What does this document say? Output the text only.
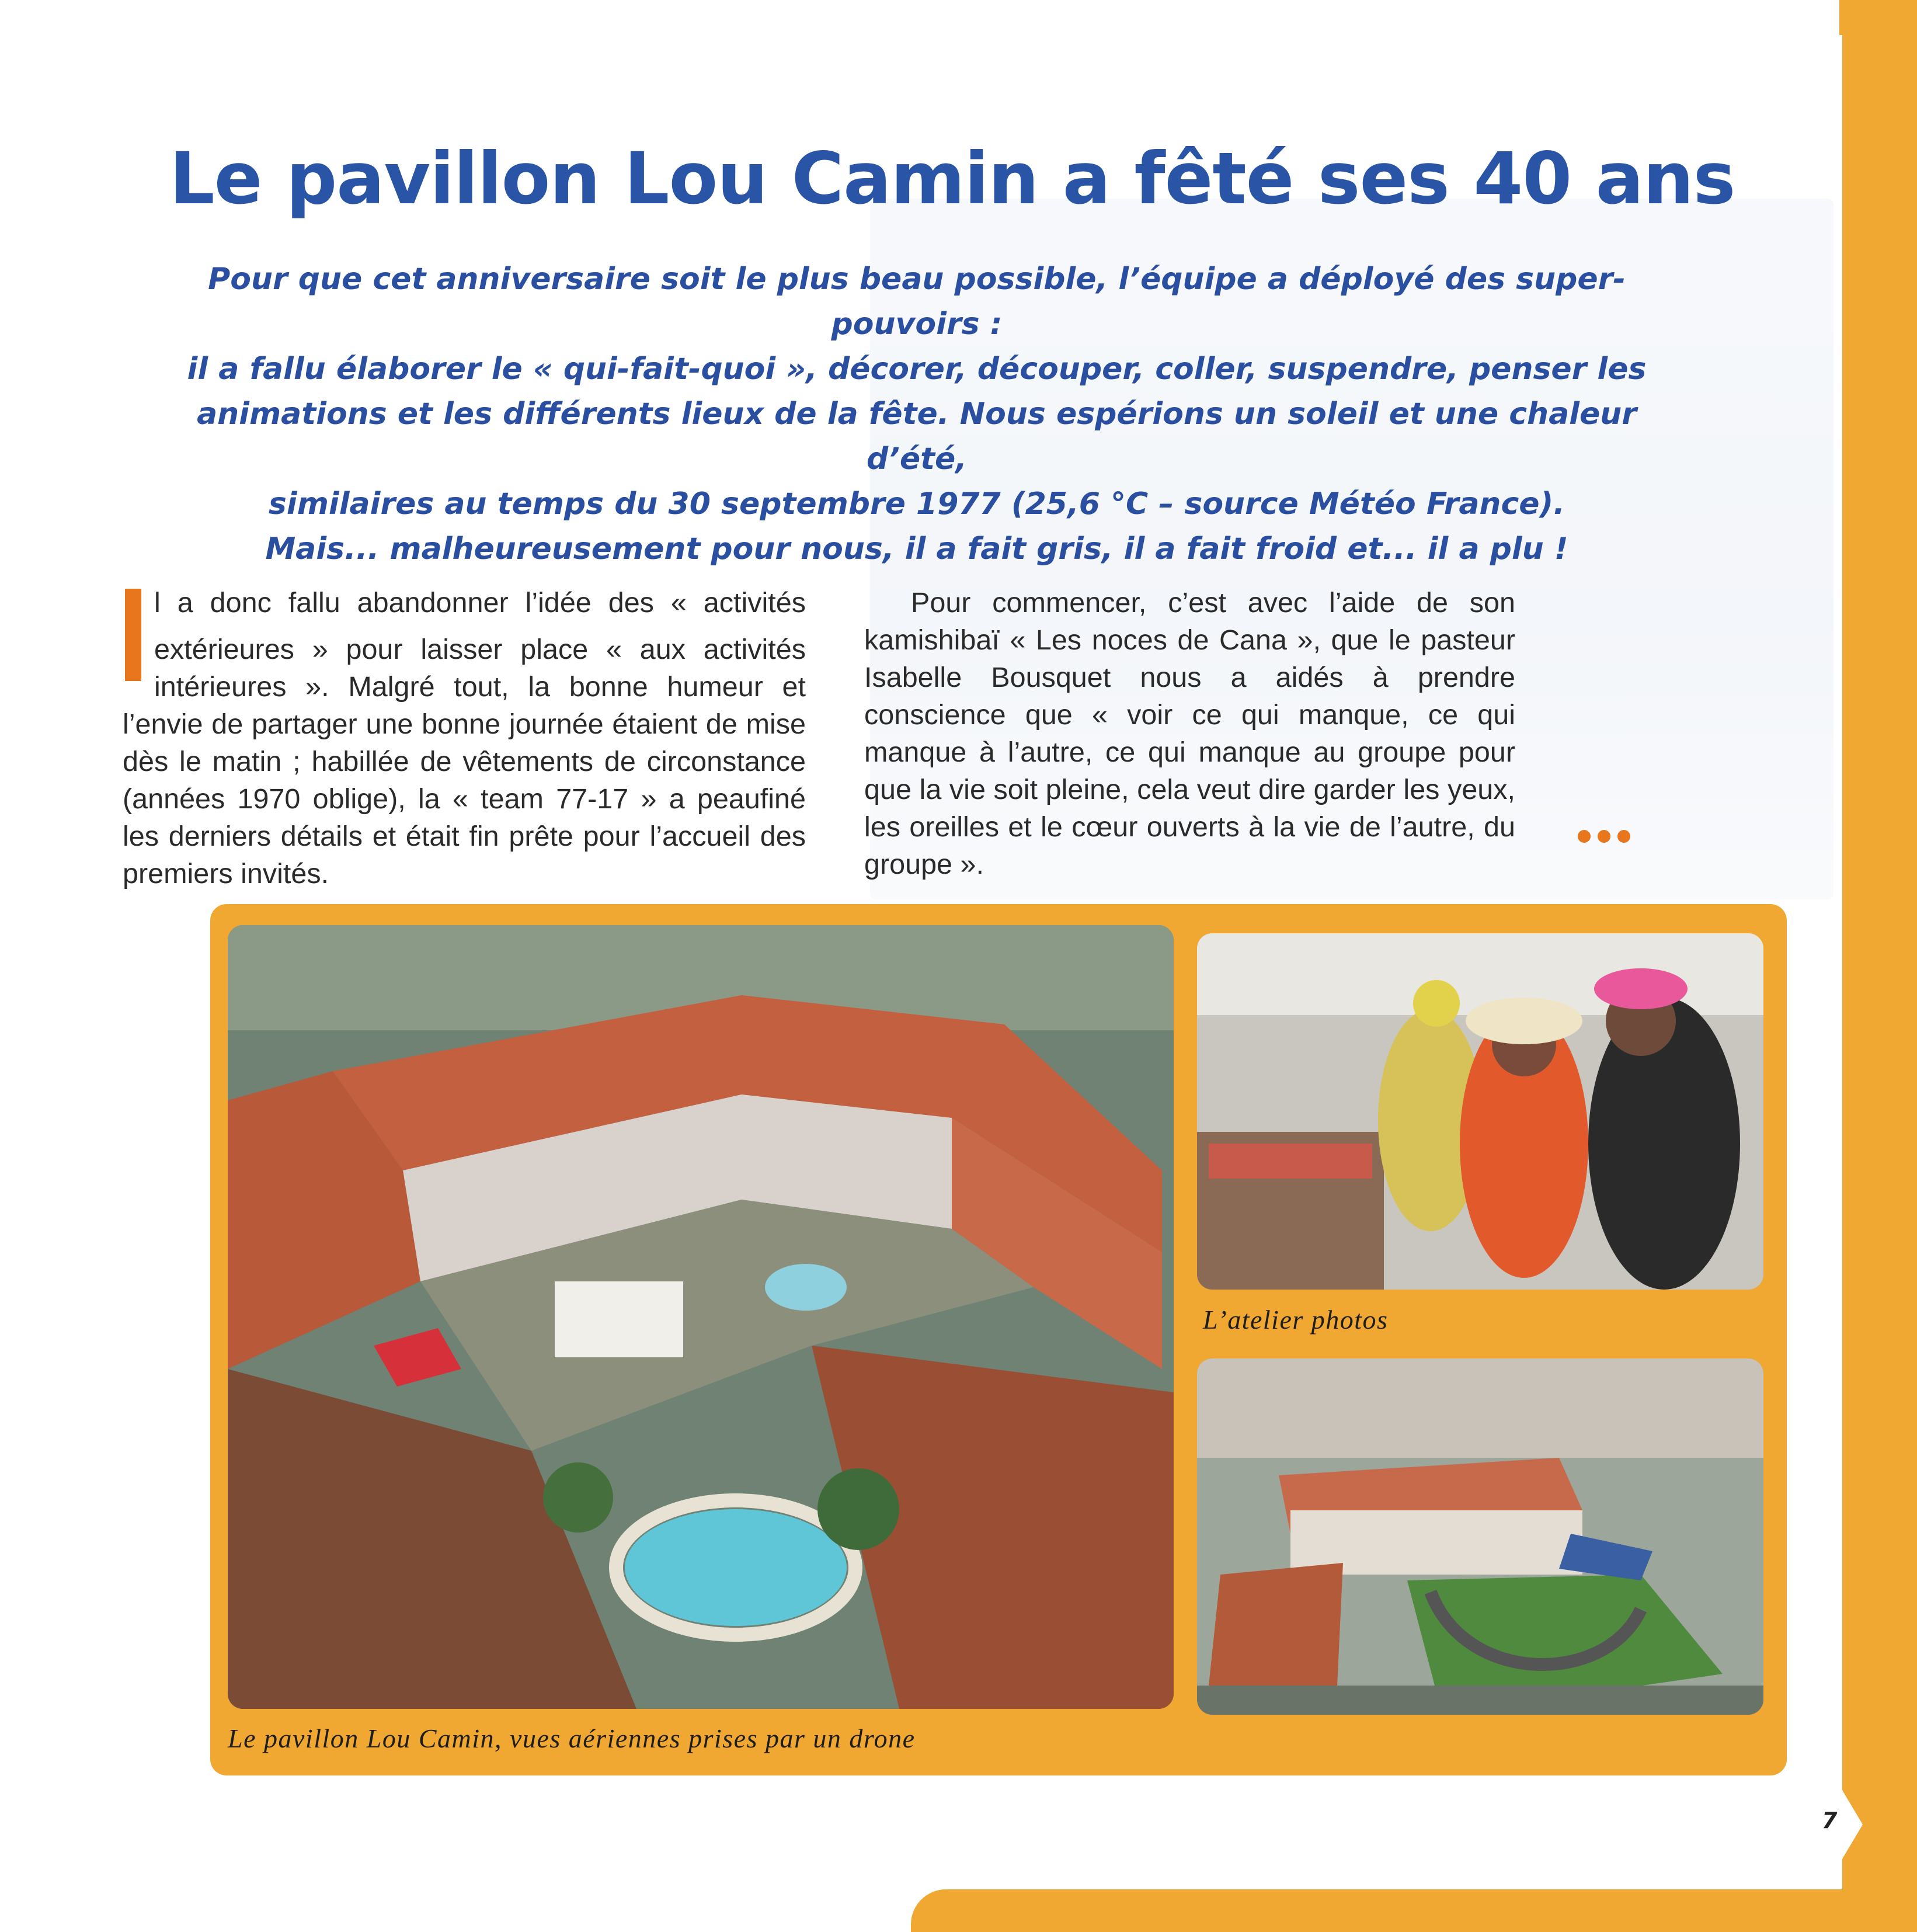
Le pavillon Lou Camin a fêté ses 40 ans

Pour que cet anniversaire soit le plus beau possible, l’équipe a déployé des super-pouvoirs :
il a fallu élaborer le « qui-fait-quoi », décorer, découper, coller, suspendre, penser les
animations et les différents lieux de la fête. Nous espérions un soleil et une chaleur d’été,
similaires au temps du 30 septembre 1977 (25,6 °C – source Météo France).
Mais... malheureusement pour nous, il a fait gris, il a fait froid et... il a plu !

l a donc fallu abandonner l’idée des « activités extérieures » pour laisser place « aux activités intérieures ». Malgré tout, la bonne humeur et l’envie de partager une bonne journée étaient de mise dès le matin ; habillée de vêtements de circonstance (années 1970 oblige), la « team 77-17 » a peaufiné les derniers détails et était fin prête pour l’accueil des premiers invités.
Pour commencer, c’est avec l’aide de son kamishibaï « Les noces de Cana », que le pasteur Isabelle Bousquet nous a aidés à prendre conscience que « voir ce qui manque, ce qui manque à l’autre, ce qui manque au groupe pour que la vie soit pleine, cela veut dire garder les yeux, les oreilles et le cœur ouverts à la vie de l’autre, du groupe ».
L’atelier photos
Le pavillon Lou Camin, vues aériennes prises par un drone
7
